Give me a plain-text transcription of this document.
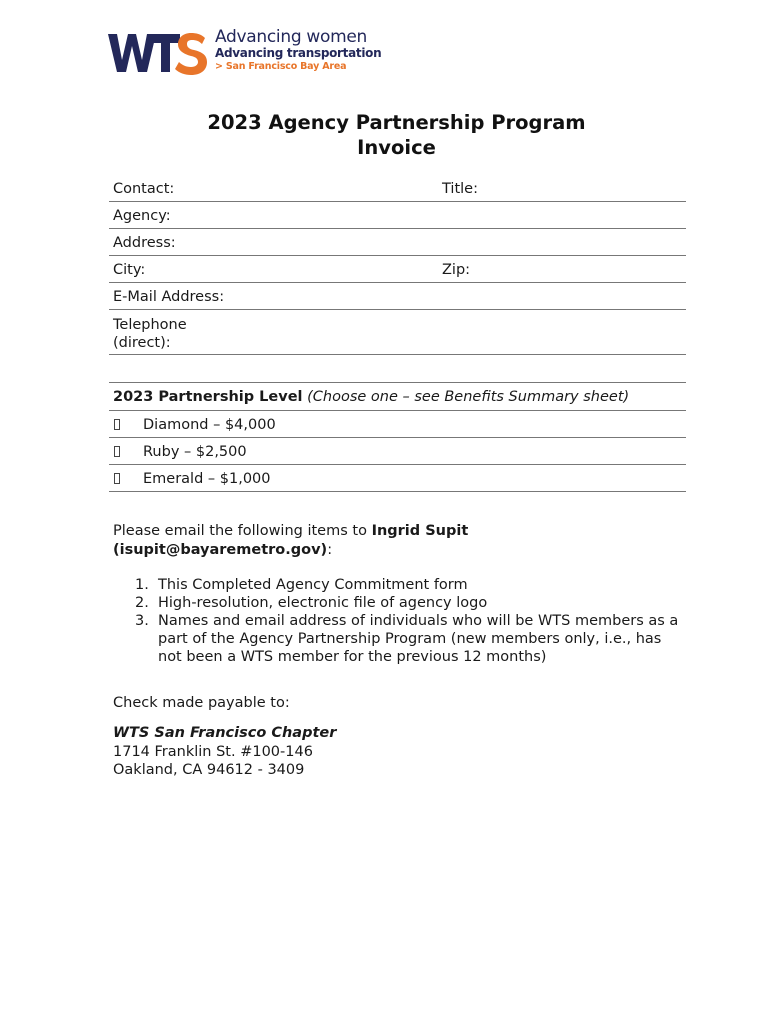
Advancing women
Advancing transportation
> San Francisco Bay Area
2023 Agency Partnership Program
Invoice
Contact:	Title:
Agency:
Address:
City:	Zip:
E-Mail Address:
Telephone
(direct):
2023 Partnership Level (Choose one – see Benefits Summary sheet)
Diamond – $4,000
Ruby – $2,500
Emerald – $1,000
Please email the following items to Ingrid Supit
(isupit@bayaremetro.gov):
1. This Completed Agency Commitment form
2. High-resolution, electronic file of agency logo
3. Names and email address of individuals who will be WTS members as a part of the Agency Partnership Program (new members only, i.e., has not been a WTS member for the previous 12 months)
Check made payable to:
WTS San Francisco Chapter
1714 Franklin St. #100-146
Oakland, CA 94612 - 3409
